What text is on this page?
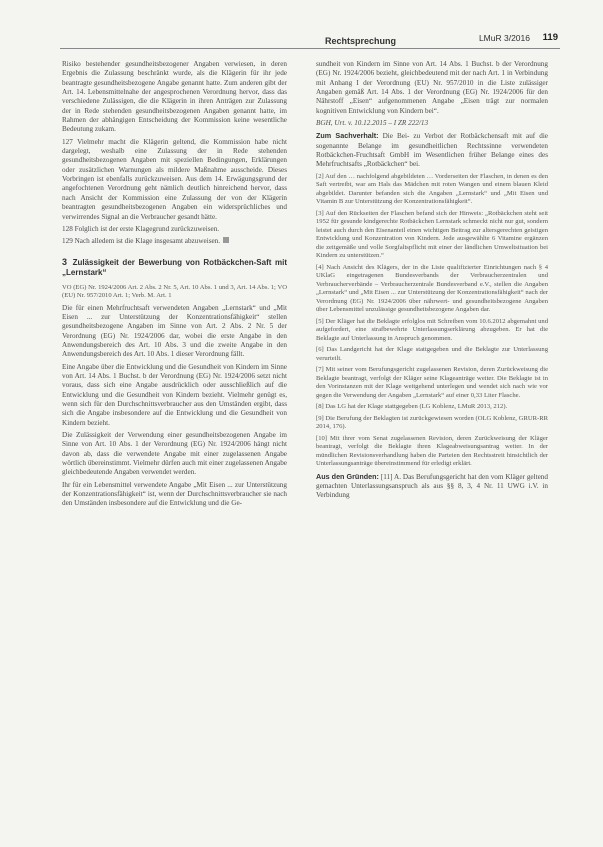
Rechtsprechung	LMuR 3/2016 119

Risiko bestehender gesundheitsbezogener Angaben verwiesen, in deren Ergebnis die Zulassung beschränkt wurde, als die Klägerin für ihr jede beantragte gesundheitsbezogene Angabe genannt hatte. Zum anderen gibt der Art. 14. Lebensmittelnahe der angesprochenen Verordnung hervor, dass das verschiedene Zulässigen, die die Klägerin in ihren Anträgen zur Zulassung der in Rede stehenden gesundheitsbezogenen Angaben genannt hatte, im Rahmen der abhängigen Entscheidung der Kommission keine wesentliche Bedeutung zukam.

127 Vielmehr macht die Klägerin geltend, die Kommission habe nicht dargelegt, weshalb eine Zulassung der in Rede stehenden gesundheitsbezogenen Angaben mit speziellen Bedingungen, Erklärungen oder zusätzlichen Warnungen als mildere Maßnahme ausscheide. Dieses Vorbringen ist ebenfalls zurückzuweisen. Aus dem 14. Erwägungsgrund der angefochtenen Verordnung geht nämlich deutlich hinreichend hervor, dass nach Ansicht der Kommission eine Zulassung der von der Klägerin beantragten gesundheitsbezogenen Angaben ein widersprüchliches und verwirrendes Signal an die Verbraucher gesandt hätte.

128 Folglich ist der erste Klagegrund zurückzuweisen.

129 Nach alledem ist die Klage insgesamt abzuweisen.

3 Zulässigkeit der Bewerbung von Rotbäckchen-Saft mit „Lernstark“

VO (EG) Nr. 1924/2006 Art. 2 Abs. 2 Nr. 5, Art. 10 Abs. 1 und 3, Art. 14 Abs. 1; VO (EU) Nr. 957/2010 Art. 1; Verb. M. Art. 1

Die für einen Mehrfruchtsaft verwendeten Angaben „Lernstark“ und „Mit Eisen ... zur Unterstützung der Konzentrationsfähigkeit“ stellen gesundheitsbezogene Angaben im Sinne von Art. 2 Abs. 2 Nr. 5 der Verordnung (EG) Nr. 1924/2006 dar, wobei die erste Angabe in den Anwendungsbereich des Art. 10 Abs. 3 und die zweite Angabe in den Anwendungsbereich des Art. 10 Abs. 1 dieser Verordnung fällt.

Eine Angabe über die Entwicklung und die Gesundheit von Kindern im Sinne von Art. 14 Abs. 1 Buchst. b der Verordnung (EG) Nr. 1924/2006 setzt nicht voraus, dass sich eine Angabe ausdrücklich oder ausschließlich auf die Entwicklung und die Gesundheit von Kindern bezieht. Vielmehr genügt es, wenn sich für den Durchschnittsverbraucher aus den Umständen ergibt, dass sich die Angabe insbesondere auf die Entwicklung und die Gesundheit von Kindern bezieht.

Die Zulässigkeit der Verwendung einer gesundheitsbezogenen Angabe im Sinne von Art. 10 Abs. 1 der Verordnung (EG) Nr. 1924/2006 hängt nicht davon ab, dass die verwendete Angabe mit einer zugelassenen Angabe wörtlich übereinstimmt. Vielmehr dürfen auch mit einer zugelassenen Angabe gleichbedeutende Angaben verwendet werden.

Ihr für ein Lebensmittel verwendete Angabe „Mit Eisen ... zur Unterstützung der Konzentrationsfähigkeit“ ist, wenn der Durchschnittsverbraucher sie nach den Umständen insbesondere auf die Entwicklung und die Ge-

sundheit von Kindern im Sinne von Art. 14 Abs. 1 Buchst. b der Verordnung (EG) Nr. 1924/2006 bezieht, gleichbedeutend mit der nach Art. 1 in Verbindung mit Anhang I der Verordnung (EU) Nr. 957/2010 in die Liste zulässiger Angaben gemäß Art. 14 Abs. 1 der Verordnung (EG) Nr. 1924/2006 für den Nährstoff „Eisen“ aufgenommenen Angabe „Eisen trägt zur normalen kognitiven Entwicklung von Kindern bei“.

BGH, Urt. v. 10.12.2015 – I ZR 222/13

Zum Sachverhalt: Die Bei- zu Verbot der Rotbäckchensaft mit auf die sogenannte Belange im gesundheitlichen Rechtssinne verwendeten Rotbäckchen-Fruchtsaft GmbH im Wesentlichen früher Belange eines des Mehrfruchtsafts „Rotbäckchen“ bei.

[2] Auf den … nachfolgend abgebildeten … Vorderseiten der Flaschen, in denen es den Saft vertreibt, war am Hals das Mädchen mit roten Wangen und einem blauen Kleid abgebildet. Darunter befanden sich die Angaben „Lernstark“ und „Mit Eisen und Vitamin B zur Unterstützung der Konzentrationsfähigkeit“.

[3] Auf den Rückseiten der Flaschen befand sich der Hinweis: „Rotbäckchen steht seit 1952 für gesunde kindgerechte Rotbäckchen Lernstark schmeckt nicht nur gut, sondern leistet auch durch den Eisenanteil einen wichtigen Beitrag zur altersgerechten geistigen Entwicklung und Konzentration von Kindern. Jede ausgewählte 6 Vitamine ergänzen die zeitgemäße und volle Sorgfaltspflicht mit einer der ländlichen Umweltsituation bei Kindern zu unterstützen.“

[4] Nach Ansicht des Klägers, der in die Liste qualifizierter Einrichtungen nach § 4 UKlaG eingetragenen Bundesverbands der Verbraucherzentralen und Verbraucherverbände – Verbraucherzentrale Bundesverband e.V., stellen die Angaben „Lernstark“ und „Mit Eisen ... zur Unterstützung der Konzentrationsfähigkeit“ nach der Verordnung (EG) Nr. 1924/2006 über nährwert- und gesundheitsbezogene Angaben über Lebensmittel unzulässige gesundheitsbezogene Angaben dar.

[5] Der Kläger hat die Beklagte erfolglos mit Schreiben vom 10.6.2012 abgemahnt und aufgefordert, eine strafbewehrte Unterlassungserklärung abzugeben. Er hat die Beklagte auf Unterlassung in Anspruch genommen.

[6] Das Landgericht hat der Klage stattgegeben und die Beklagte zur Unterlassung verurteilt.

[7] Mit seiner vom Berufungsgericht zugelassenen Revision, deren Zurückweisung die Beklagte beantragt, verfolgt der Kläger seine Klageanträge weiter. Die Beklagte ist in den Vorinstanzen mit der Klage weitgehend unterlegen und wendet sich nach wie vor gegen die Verwendung der Angaben „Lernstark“ auf einer 0,33 Liter Flasche.

[8] Das LG hat der Klage stattgegeben (LG Koblenz, LMuR 2013, 212).

[9] Die Berufung der Beklagten ist zurückgewiesen worden (OLG Koblenz, GRUR-RR 2014, 176).

[10] Mit ihrer vom Senat zugelassenen Revision, deren Zurückweisung der Kläger beantragt, verfolgt die Beklagte ihren Klageabweisungsantrag weiter. In der mündlichen Revisionsverhandlung haben die Parteien den Rechtsstreit hinsichtlich der Unterlassungsanträge übereinstimmend für erledigt erklärt.

Aus den Gründen: [11] A. Das Berufungsgericht hat den vom Kläger geltend gemachten Unterlassungsanspruch als aus §§ 8, 3, 4 Nr. 11 UWG i.V. in Verbindung
